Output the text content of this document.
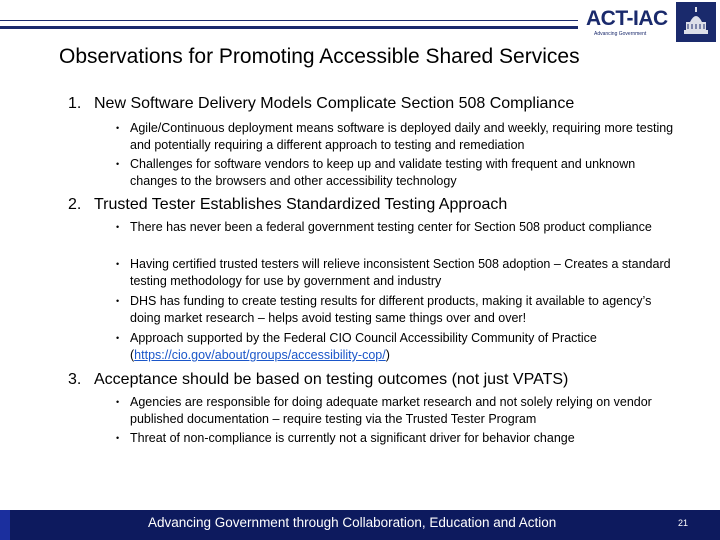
ACT-IAC
Advancing Government
Observations for Promoting Accessible Shared Services
1. New Software Delivery Models Complicate Section 508 Compliance
• Agile/Continuous deployment means software is deployed daily and weekly, requiring more testing and potentially requiring a different approach to testing and remediation
• Challenges for software vendors to keep up and validate testing with frequent and unknown changes to the browsers and other accessibility technology
2. Trusted Tester Establishes Standardized Testing Approach
• There has never been a federal government testing center for Section 508 product compliance
• Having certified trusted testers will relieve inconsistent Section 508 adoption – Creates a standard testing methodology for use by government and industry
• DHS has funding to create testing results for different products, making it available to agency’s doing market research – helps avoid testing same things over and over!
• Approach supported by the Federal CIO Council Accessibility Community of Practice
(https://cio.gov/about/groups/accessibility-cop/)
3. Acceptance should be based on testing outcomes (not just VPATS)
• Agencies are responsible for doing adequate market research and not solely relying on vendor published documentation – require testing via the Trusted Tester Program
• Threat of non-compliance is currently not a significant driver for behavior change
Advancing Government through Collaboration, Education and Action	21
